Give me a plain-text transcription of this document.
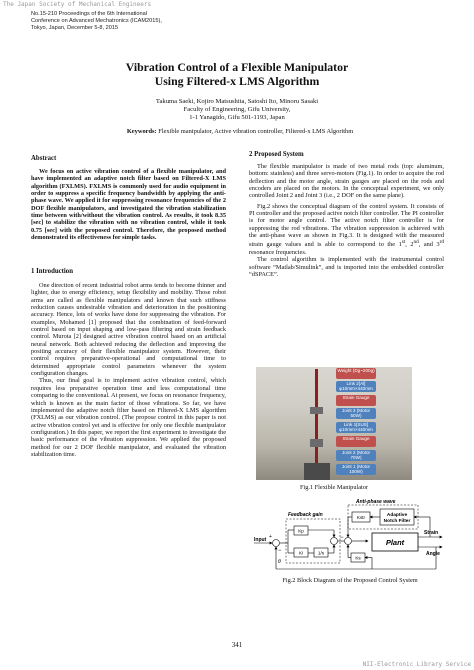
The Japan Society of Mechanical Engineers
No.15-210 Proceedings of the 6th International
Conference on Advanced Mechatronics (ICAM2015),
Tokyo, Japan, December 5-8, 2015
Vibration Control of a Flexible Manipulator
Using Filtered-x LMS Algorithm
Takuma Saeki, Kojiro Matsushita, Satoshi Ito, Minoru Sasaki
Faculty of Engineering, Gifu University,
1-1 Yanagido, Gifu 501-1193, Japan
Keywords: Flexible manipulator, Active vibration controller, Filtered-x LMS Algorithm
Abstract

We focus on active vibration control of a flexible manipulator, and have implemented an adaptive notch filter based on Filtered-X LMS algorithm (FXLMS). FXLMS is commonly used for audio equipment in order to suppress a specific frequency bandwidth by applying the anti-phase wave. We applied it for suppressing resonance frequencies of the 2 DOF flexible manipulators, and investigated the vibration stabilization time between with/without the vibration control. As results, it took 8.35 [sec] to stabilize the vibration with no vibration control, while it took 0.75 [sec] with the proposed control. Therefore, the proposed method demonstrated its effectiveness for simple tasks.

1 Introduction

One direction of recent industrial robot arms tends to become thinner and lighter, due to energy efficiency, setup flexibility and mobility. Those robot arms are called as flexible manipulators and known that such stiffness reduction causes undesirable vibration and deterioration in the positioning accuracy. Hence, lots of works have done for suppressing the vibration. For examples, Mohamed [1] proposed that the combination of feed-forward control based on input shaping and low-pass filtering and strain feedback control. Murota [2] designed active vibration control based on an artificial neural network. Both achieved reducing the deflection and improving the positing accuracy of their flexible manipulator system. However, their control requires preparative-operational and computational time to determined appropriate control parameters whenever the system configuration changes.

Thus, our final goal is to implement active vibration control, which requires less preparative operation time and less computational time comparing to the conventional. At present, we focus on resonance frequency, which is known as the main factor of those vibrations. So far, we have implemented the adaptive notch filter based on Filtered-X LMS algorithm (FXLMS) as our vibration control. (The propose control in this paper is not active vibration control yet and is effective for only one flexible manipulator configuration.) In this paper, we report the first experiment to investigate the basic performance of the vibration suppression. We applied the proposed method for our 2 DOF flexible manipulator, and evaluated the vibration stabilization time.

2 Proposed System

The flexible manipulator is made of two metal rods (top: aluminum, bottom: stainless) and three servo-motors (Fig.1). In order to acquire the rod deflection and the motor angle, strain gauges are placed on the rods and encoders are placed on the motors. In the conceptual experiment, we only controlled Joint 2 and Joint 3 (i.e., 2 DOF on the same plane).

Fig.2 shows the conceptual diagram of the control system. It consists of PI controller and the proposed active notch filter controller. The PI controller is for motor angle control. The active notch filter controller is for suppressing the rod vibrations. The vibration suppression is achieved with the anti-phase wave as shown in Fig.3. It is designed with the measured strain gauge values and is able to correspond to the 1st, 2nd, and 3rd resonance frequencies.

The control algorithm is implemented with the instrumental control software “Matlab/Simulink”, and is imported into the embedded controller “dSPACE”.

Weight (Dg~200g)
Link 2[Al] φ10mm×440mm
Strain Gauge
Joint 3 (Motor 50W)
Link 1[SUS] φ10mm×440mm
Strain Gauge
Joint 2 (Motor 70W)
Joint 1 (Motor 100W)
Fig.1 Flexible Manipulator
Feedback gain
Anti-phase wave
Adaptive
Notch Filter
Kstr
Input
Kp
Ki	1/s
Ks
Plant
Strain
Angle
+
−
−
θ
Fig.2 Block Diagram of the Proposed Control System
341
NII-Electronic Library Service
